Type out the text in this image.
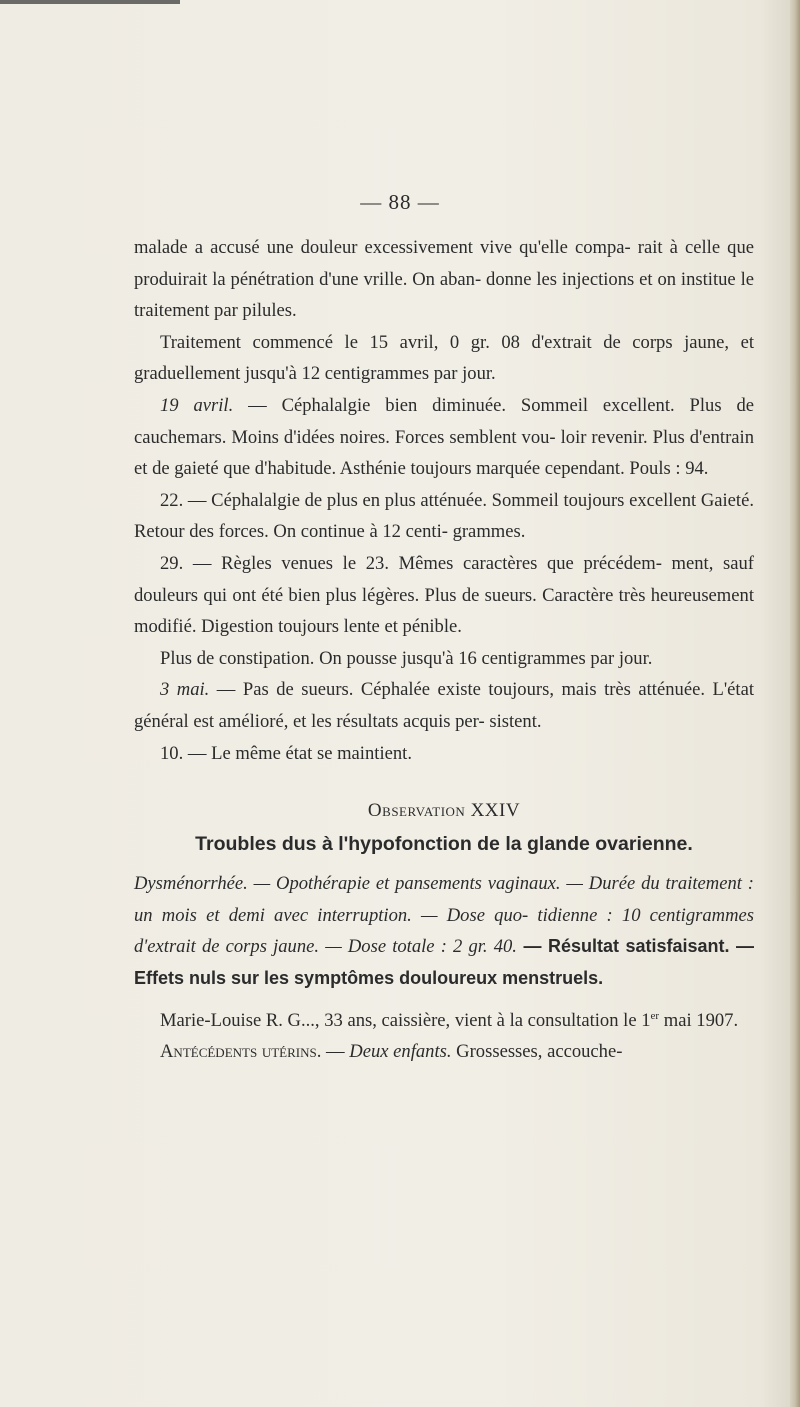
— 88 —

malade a accusé une douleur excessivement vive qu'elle compa- rait à celle que produirait la pénétration d'une vrille. On aban- donne les injections et on institue le traitement par pilules.

Traitement commencé le 15 avril, 0 gr. 08 d'extrait de corps jaune, et graduellement jusqu'à 12 centigrammes par jour.

19 avril. — Céphalalgie bien diminuée. Sommeil excellent. Plus de cauchemars. Moins d'idées noires. Forces semblent vou- loir revenir. Plus d'entrain et de gaieté que d'habitude. Asthénie toujours marquée cependant. Pouls : 94.

22. — Céphalalgie de plus en plus atténuée. Sommeil toujours excellent Gaieté. Retour des forces. On continue à 12 centi- grammes.

29. — Règles venues le 23. Mêmes caractères que précédem- ment, sauf douleurs qui ont été bien plus légères. Plus de sueurs. Caractère très heureusement modifié. Digestion toujours lente et pénible.

Plus de constipation. On pousse jusqu'à 16 centigrammes par jour.

3 mai. — Pas de sueurs. Céphalée existe toujours, mais très atténuée. L'état général est amélioré, et les résultats acquis per- sistent.

10. — Le même état se maintient.

Observation XXIV

Troubles dus à l'hypofonction de la glande ovarienne.

Dysménorrhée. — Opothérapie et pansements vaginaux. — Durée du traitement : un mois et demi avec interruption. — Dose quo- tidienne : 10 centigrammes d'extrait de corps jaune. — Dose totale : 2 gr. 40. — Résultat satisfaisant. — Effets nuls sur les symptômes douloureux menstruels.

Marie-Louise R. G..., 33 ans, caissière, vient à la consultation le 1er mai 1907.

Antécédents utérins. — Deux enfants. Grossesses, accouche-
